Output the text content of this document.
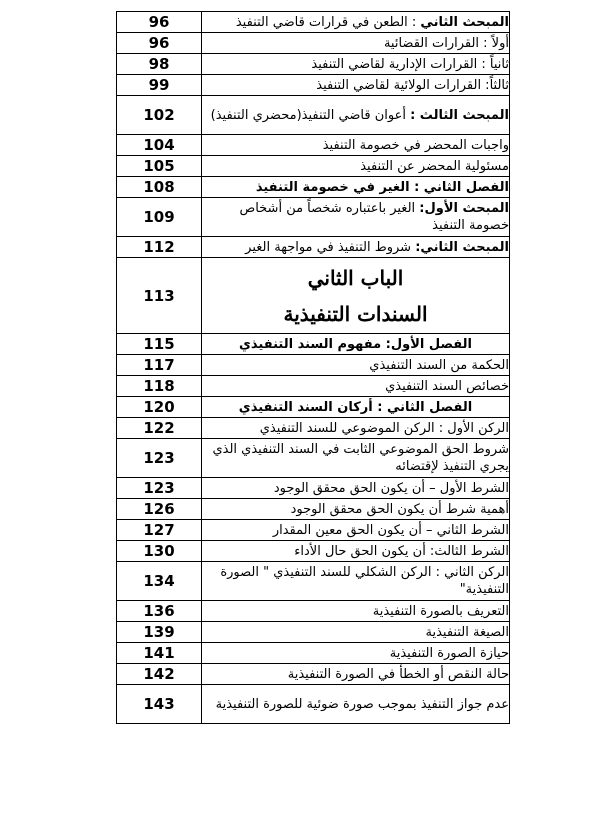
96	المبحث الثاني : الطعن في قرارات قاضي التنفيذ
96	أولاً : القرارات القضائية
98	ثانياً : القرارات الإدارية لقاضي التنفيذ
99	ثالثاً: القرارات الولائية لقاضي التنفيذ
102	المبحث الثالث : أعوان قاضي التنفيذ(محضري التنفيذ)
104	واجبات المحضر في خصومة التنفيذ
105	مسئولية المحضر عن التنفيذ
108	الفصل الثاني : الغير في خصومة التنفيذ
109	المبحث الأول: الغير باعتباره شخصاً من أشخاص خصومة التنفيذ
112	المبحث الثاني: شروط التنفيذ في مواجهة الغير
113	الباب الثاني
السندات التنفيذية

115	الفصل الأول: مفهوم السند التنفيذي
117	الحكمة من السند التنفيذي
118	خصائص السند التنفيذي
120	الفصل الثاني : أركان السند التنفيذي
122	الركن الأول : الركن الموضوعي للسند التنفيذي
123	شروط الحق الموضوعي الثابت في السند التنفيذي الذي يجري التنفيذ لإقتضائه
123	الشرط الأول – أن يكون الحق محقق الوجود
126	أهمية شرط أن يكون الحق محقق الوجود
127	الشرط الثاني – أن يكون الحق معين المقدار
130	الشرط الثالث: أن يكون الحق حال الأداء
134	الركن الثاني : الركن الشكلي للسند التنفيذي " الصورة التنفيذية"
136	التعريف بالصورة التنفيذية
139	الصيغة التنفيذية
141	حيازة الصورة التنفيذية
142	حالة النقص أو الخطأ في الصورة التنفيذية
143	عدم جواز التنفيذ بموجب صورة ضوئية للصورة التنفيذية
